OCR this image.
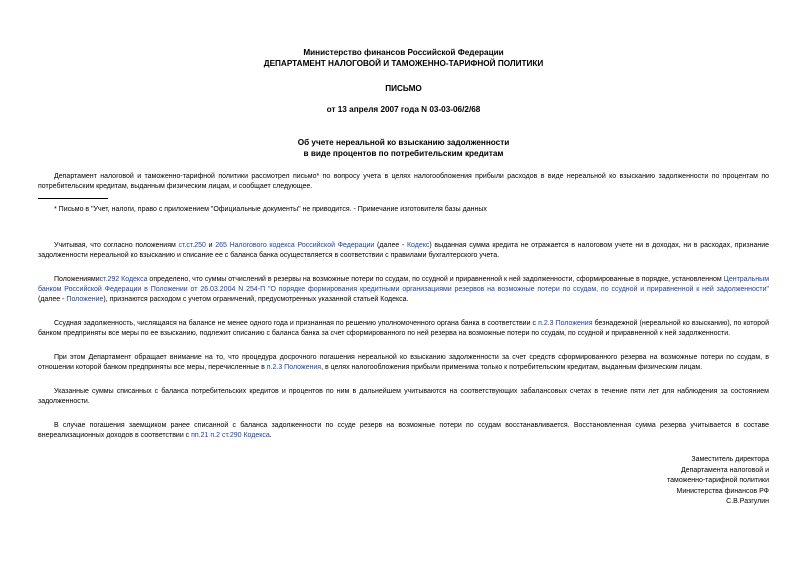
Министерство финансов Российской Федерации
ДЕПАРТАМЕНТ НАЛОГОВОЙ И ТАМОЖЕННО-ТАРИФНОЙ ПОЛИТИКИ
ПИСЬМО
от 13 апреля 2007 года N 03-03-06/2/68
Об учете нереальной ко взысканию задолженности
в виде процентов по потребительским кредитам

Департамент налоговой и таможенно-тарифной политики рассмотрел письмо* по вопросу учета в целях налогообложения прибыли расходов в виде нереальной ко взысканию задолженности по процентам по потребительским кредитам, выданным физическим лицам, и сообщает следующее.

* Письмо в "Учет, налоги, право с приложением "Официальные документы" не приводится. - Примечание изготовителя базы данных

Учитывая, что согласно положениям ст.ст.250 и 265 Налогового кодекса Российской Федерации (далее - Кодекс) выданная сумма кредита не отражается в налоговом учете ни в доходах, ни в расходах, признание задолженности нереальной ко взысканию и списание ее с баланса банка осуществляется в соответствии с правилами бухгалтерского учета.

Положениямист.292 Кодекса определено, что суммы отчислений в резервы на возможные потери по ссудам, по ссудной и приравненной к ней задолженности, сформированные в порядке, установленном Центральным банком Российской Федерации в Положении от 26.03.2004 N 254-П "О порядке формирования кредитными организациями резервов на возможные потери по ссудам, по ссудной и приравненной к ней задолженности" (далее - Положение), признаются расходом с учетом ограничений, предусмотренных указанной статьей Кодекса.

Ссудная задолженность, числящаяся на балансе не менее одного года и признанная по решению уполномоченного органа банка в соответствии с п.2.3 Положения безнадежной (нереальной ко взысканию), по которой банком предприняты все меры по ее взысканию, подлежит списанию с баланса банка за счет сформированного по ней резерва на возможные потери по ссудам, по ссудной и приравненной к ней задолженности.

При этом Департамент обращает внимание на то, что процедура досрочного погашения нереальной ко взысканию задолженности за счет средств сформированного резерва на возможные потери по ссудам, в отношении которой банком предприняты все меры, перечисленные в п.2.3 Положения, в целях налогообложения прибыли применима только к потребительским кредитам, выданным физическим лицам.

Указанные суммы списанных с баланса потребительских кредитов и процентов по ним в дальнейшем учитываются на соответствующих забалансовых счетах в течение пяти лет для наблюдения за состоянием задолженности.

В случае погашения заемщиком ранее списанной с баланса задолженности по ссуде резерв на возможные потери по ссудам восстанавливается. Восстановленная сумма резерва учитывается в составе внереализационных доходов в соответствии с пп.21 п.2 ст.290 Кодекса.

Заместитель директора
Департамента налоговой и
таможенно-тарифной политики
Министерства финансов РФ
С.В.Разгулин
